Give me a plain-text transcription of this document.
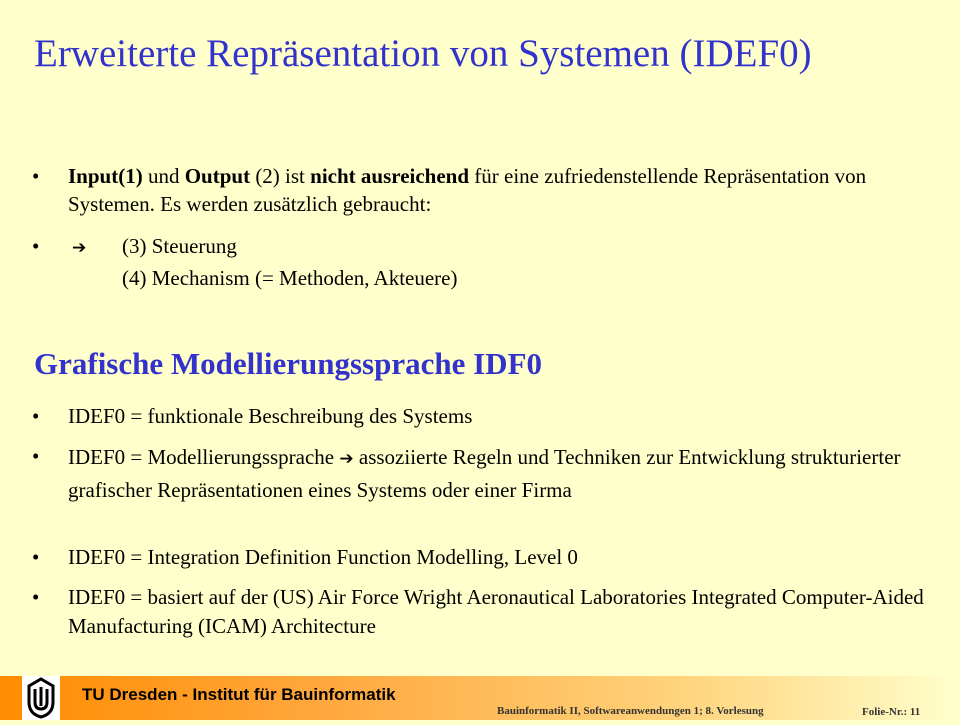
Erweiterte Repräsentation von Systemen (IDEF0)
• Input(1) und Output (2) ist nicht ausreichend für eine zufriedenstellende Repräsentation von Systemen. Es werden zusätzlich gebraucht:
• ➔ (3) Steuerung
(4) Mechanism (= Methoden, Akteuere)
Grafische Modellierungssprache IDF0
• IDEF0 = funktionale Beschreibung des Systems
• IDEF0 = Modellierungssprache ➔ assoziierte Regeln und Techniken zur Entwicklung strukturierter grafischer Repräsentationen eines Systems oder einer Firma
• IDEF0 = Integration Definition Function Modelling, Level 0
• IDEF0 = basiert auf der (US) Air Force Wright Aeronautical Laboratories Integrated Computer-Aided Manufacturing (ICAM) Architecture
TU Dresden - Institut für Bauinformatik
Bauinformatik II, Softwareanwendungen 1; 8. Vorlesung	Folie-Nr.: 11
